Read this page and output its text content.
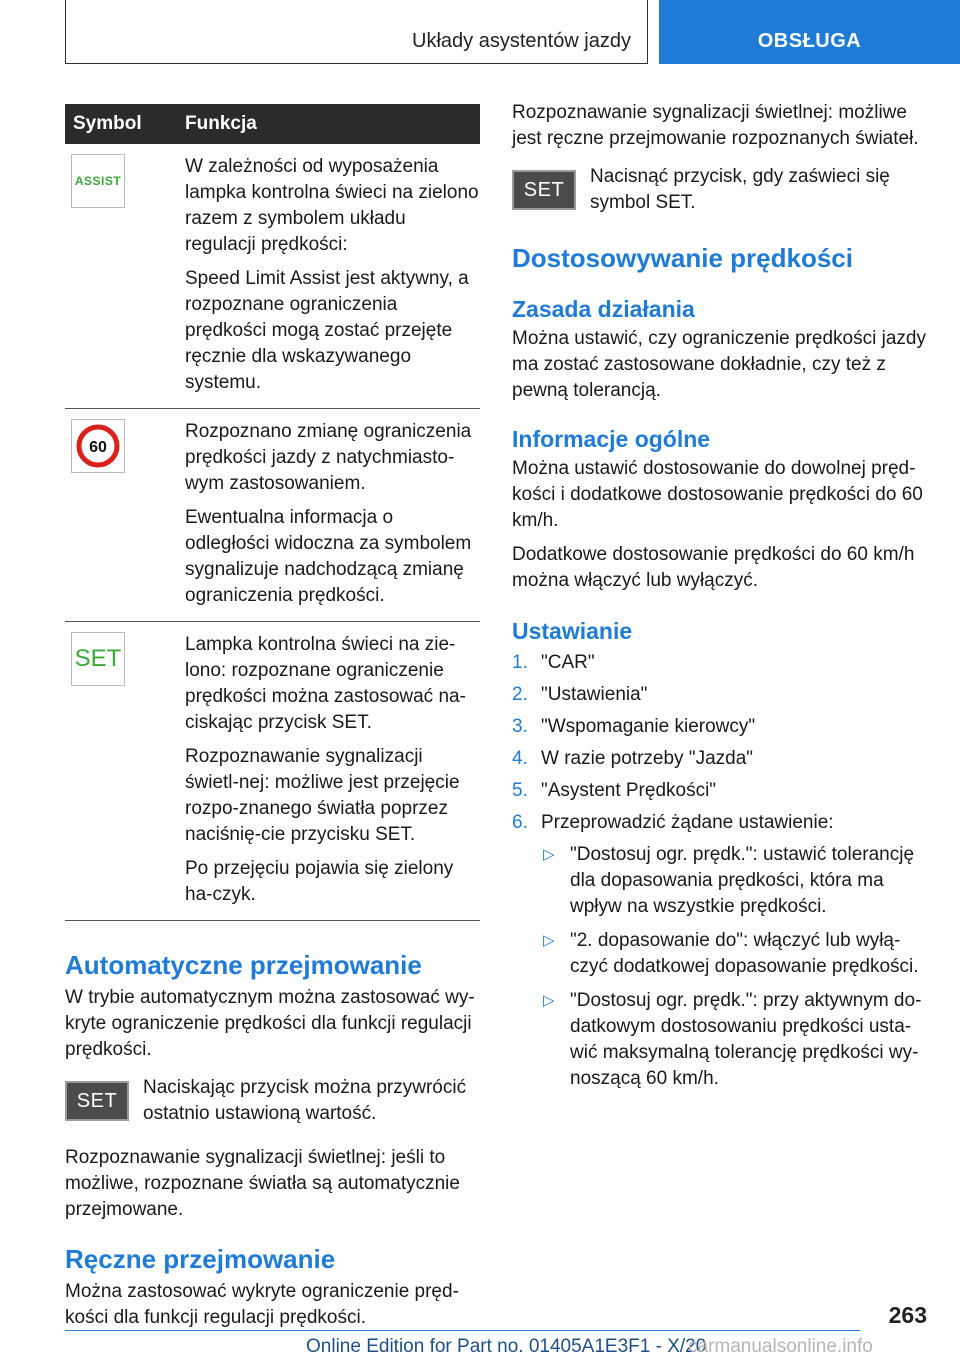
Układy asystentów jazdy	OBSŁUGA
Symbol	Funkcja

ASSIST	W zależności od wyposażenia lampka kontrolna świeci na zielono razem z symbolem układu regulacji prędkości:

Speed Limit Assist jest aktywny, a rozpoznane ograniczenia prędkości mogą zostać przejęte ręcznie dla wskazywanego systemu.

60	Rozpoznano zmianę ograniczenia prędkości jazdy z natychmiasto-wym zastosowaniem.

Ewentualna informacja o odległości widoczna za symbolem sygnalizuje nadchodzącą zmianę ograniczenia prędkości.

SET	Lampka kontrolna świeci na zie-lono: rozpoznane ograniczenie prędkości można zastosować na-ciskając przycisk SET.

Rozpoznawanie sygnalizacji świetl-nej: możliwe jest przejęcie rozpo-znanego światła poprzez naciśnię-cie przycisku SET.

Po przejęciu pojawia się zielony ha-czyk.

Automatyczne przejmowanie

W trybie automatycznym można zastosować wy-kryte ograniczenie prędkości dla funkcji regulacji prędkości.

SET

Naciskając przycisk można przywrócić ostatnio ustawioną wartość.

Rozpoznawanie sygnalizacji świetlnej: jeśli to możliwe, rozpoznane światła są automatycznie przejmowane.

Ręczne przejmowanie

Można zastosować wykryte ograniczenie pręd-kości dla funkcji regulacji prędkości.

Rozpoznawanie sygnalizacji świetlnej: możliwe jest ręczne przejmowanie rozpoznanych świateł.

SET

Nacisnąć przycisk, gdy zaświeci się symbol SET.

Dostosowywanie prędkości
Zasada działania

Można ustawić, czy ograniczenie prędkości jazdy ma zostać zastosowane dokładnie, czy też z pewną tolerancją.

Informacje ogólne

Można ustawić dostosowanie do dowolnej pręd-kości i dodatkowe dostosowanie prędkości do 60 km/h.

Dodatkowe dostosowanie prędkości do 60 km/h można włączyć lub wyłączyć.

Ustawianie
1. "CAR"
2. "Ustawienia"
3. "Wspomaganie kierowcy"
4. W razie potrzeby "Jazda"
5. "Asystent Prędkości"
6. Przeprowadzić żądane ustawienie:
▷ "Dostosuj ogr. prędk.": ustawić tolerancję dla dopasowania prędkości, która ma wpływ na wszystkie prędkości.
▷ "2. dopasowanie do": włączyć lub wyłą-czyć dodatkowej dopasowanie prędkości.
▷ "Dostosuj ogr. prędk.": przy aktywnym do-datkowym dostosowaniu prędkości usta-wić maksymalną tolerancję prędkości wy-noszącą 60 km/h.
263
Online Edition for Part no. 01405A1E3F1 - X/20
carmanualsonline.info
